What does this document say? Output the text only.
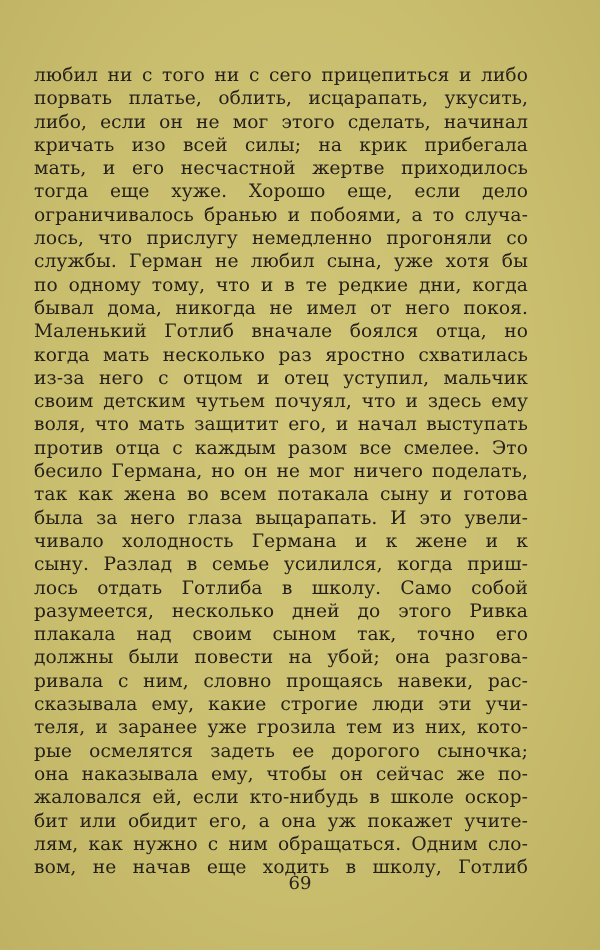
любил ни с того ни с сего прицепиться и либо
порвать платье, облить, исцарапать, укусить,
либо, если он не мог этого сделать, начинал
кричать изо всей силы; на крик прибегала
мать, и его несчастной жертве приходилось
тогда еще хуже. Хорошо еще, если дело
ограничивалось бранью и побоями, а то случа-
лось, что прислугу немедленно прогоняли со
службы. Герман не любил сына, уже хотя бы
по одному тому, что и в те редкие дни, когда
бывал дома, никогда не имел от него покоя.
Маленький Готлиб вначале боялся отца, но
когда мать несколько раз яростно схватилась
из-за него с отцом и отец уступил, мальчик
своим детским чутьем почуял, что и здесь ему
воля, что мать защитит его, и начал выступать
против отца с каждым разом все смелее. Это
бесило Германа, но он не мог ничего поделать,
так как жена во всем потакала сыну и готова
была за него глаза выцарапать. И это увели-
чивало холодность Германа и к жене и к
сыну. Разлад в семье усилился, когда приш-
лось отдать Готлиба в школу. Само собой
разумеется, несколько дней до этого Ривка
плакала над своим сыном так, точно его
должны были повести на убой; она разгова-
ривала с ним, словно прощаясь навеки, рас-
сказывала ему, какие строгие люди эти учи-
теля, и заранее уже грозила тем из них, кото-
рые осмелятся задеть ее дорогого сыночка;
она наказывала ему, чтобы он сейчас же по-
жаловался ей, если кто-нибудь в школе оскор-
бит или обидит его, а она уж покажет учите-
лям, как нужно с ним обращаться. Одним сло-
вом, не начав еще ходить в школу, Готлиб
69
